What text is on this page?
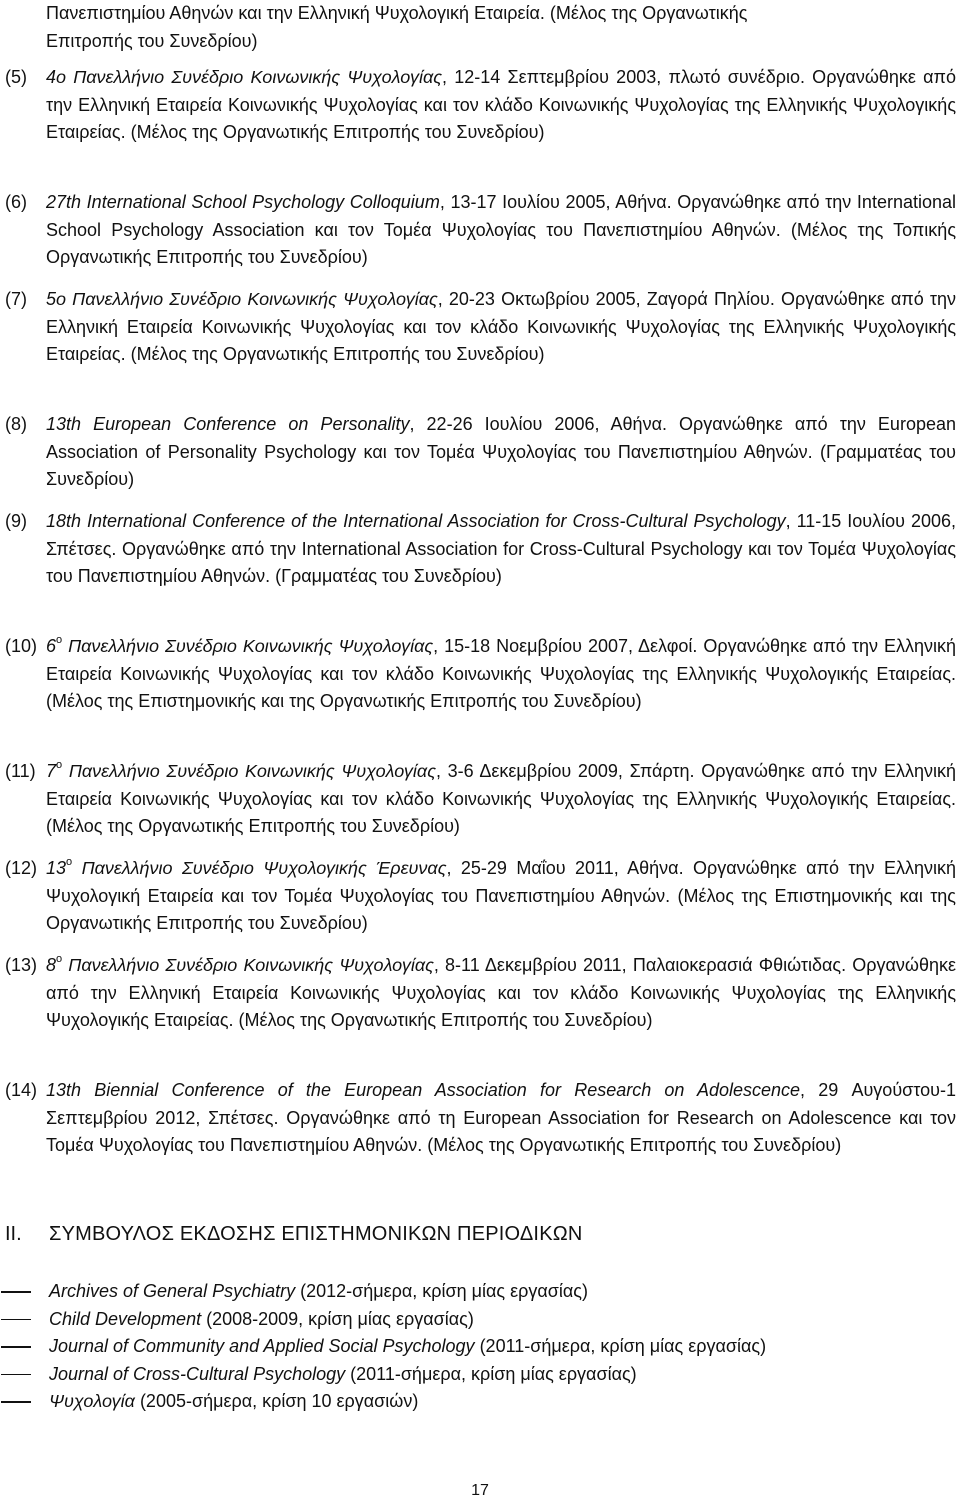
Πανεπιστημίου Αθηνών και την Ελληνική Ψυχολογική Εταιρεία. (Μέλος της Οργανωτικής
Επιτροπής του Συνεδρίου)
(5) 4ο Πανελλήνιο Συνέδριο Κοινωνικής Ψυχολογίας, 12-14 Σεπτεμβρίου 2003, πλωτό συνέδριο. Οργανώθηκε από την Ελληνική Εταιρεία Κοινωνικής Ψυχολογίας και τον κλάδο Κοινωνικής Ψυχολογίας της Ελληνικής Ψυχολογικής Εταιρείας. (Μέλος της Οργανωτικής Επιτροπής του Συνεδρίου)
(6) 27th International School Psychology Colloquium, 13-17 Ιουλίου 2005, Αθήνα. Οργανώθηκε από την International School Psychology Association και τον Τομέα Ψυχολογίας του Πανεπιστημίου Αθηνών. (Μέλος της Τοπικής Οργανωτικής Επιτροπής του Συνεδρίου)
(7) 5ο Πανελλήνιο Συνέδριο Κοινωνικής Ψυχολογίας, 20-23 Οκτωβρίου 2005, Ζαγορά Πηλίου. Οργανώθηκε από την Ελληνική Εταιρεία Κοινωνικής Ψυχολογίας και τον κλάδο Κοινωνικής Ψυχολογίας της Ελληνικής Ψυχολογικής Εταιρείας. (Μέλος της Οργανωτικής Επιτροπής του Συνεδρίου)
(8) 13th European Conference on Personality, 22-26 Ιουλίου 2006, Αθήνα. Οργανώθηκε από την European Association of Personality Psychology και τον Τομέα Ψυχολογίας του Πανεπιστημίου Αθηνών. (Γραμματέας του Συνεδρίου)
(9) 18th International Conference of the International Association for Cross-Cultural Psychology, 11-15 Ιουλίου 2006, Σπέτσες. Οργανώθηκε από την International Association for Cross-Cultural Psychology και τον Τομέα Ψυχολογίας του Πανεπιστημίου Αθηνών. (Γραμματέας του Συνεδρίου)
(10) $6^o$ Πανελλήνιο Συνέδριο Κοινωνικής Ψυχολογίας, 15-18 Νοεμβρίου 2007, Δελφοί. Οργανώθηκε από την Ελληνική Εταιρεία Κοινωνικής Ψυχολογίας και τον κλάδο Κοινωνικής Ψυχολογίας της Ελληνικής Ψυχολογικής Εταιρείας. (Μέλος της Επιστημονικής και της Οργανωτικής Επιτροπής του Συνεδρίου)
(11) $7^o$ Πανελλήνιο Συνέδριο Κοινωνικής Ψυχολογίας, 3-6 Δεκεμβρίου 2009, Σπάρτη. Οργανώθηκε από την Ελληνική Εταιρεία Κοινωνικής Ψυχολογίας και τον κλάδο Κοινωνικής Ψυχολογίας της Ελληνικής Ψυχολογικής Εταιρείας. (Μέλος της Οργανωτικής Επιτροπής του Συνεδρίου)
(12) $13^o$ Πανελλήνιο Συνέδριο Ψυχολογικής Έρευνας, 25-29 Μαΐου 2011, Αθήνα. Οργανώθηκε από την Ελληνική Ψυχολογική Εταιρεία και τον Τομέα Ψυχολογίας του Πανεπιστημίου Αθηνών. (Μέλος της Επιστημονικής και της Οργανωτικής Επιτροπής του Συνεδρίου)
(13) $8^o$ Πανελλήνιο Συνέδριο Κοινωνικής Ψυχολογίας, 8-11 Δεκεμβρίου 2011, Παλαιοκερασιά Φθιώτιδας. Οργανώθηκε από την Ελληνική Εταιρεία Κοινωνικής Ψυχολογίας και τον κλάδο Κοινωνικής Ψυχολογίας της Ελληνικής Ψυχολογικής Εταιρείας. (Μέλος της Οργανωτικής Επιτροπής του Συνεδρίου)
(14) 13th Biennial Conference of the European Association for Research on Adolescence, 29 Αυγούστου-1 Σεπτεμβρίου 2012, Σπέτσες. Οργανώθηκε από τη European Association for Research on Adolescence και τον Τομέα Ψυχολογίας του Πανεπιστημίου Αθηνών. (Μέλος της Οργανωτικής Επιτροπής του Συνεδρίου)
II. ΣΥΜΒΟΥΛΟΣ ΕΚΔΟΣΗΣ ΕΠΙΣΤΗΜΟΝΙΚΩΝ ΠΕΡΙΟΔΙΚΩΝ
Archives of General Psychiatry (2012-σήμερα, κρίση μίας εργασίας)
Child Development (2008-2009, κρίση μίας εργασίας)
Journal of Community and Applied Social Psychology (2011-σήμερα, κρίση μίας εργασίας)
Journal of Cross-Cultural Psychology (2011-σήμερα, κρίση μίας εργασίας)
Ψυχολογία (2005-σήμερα, κρίση 10 εργασιών)
17
